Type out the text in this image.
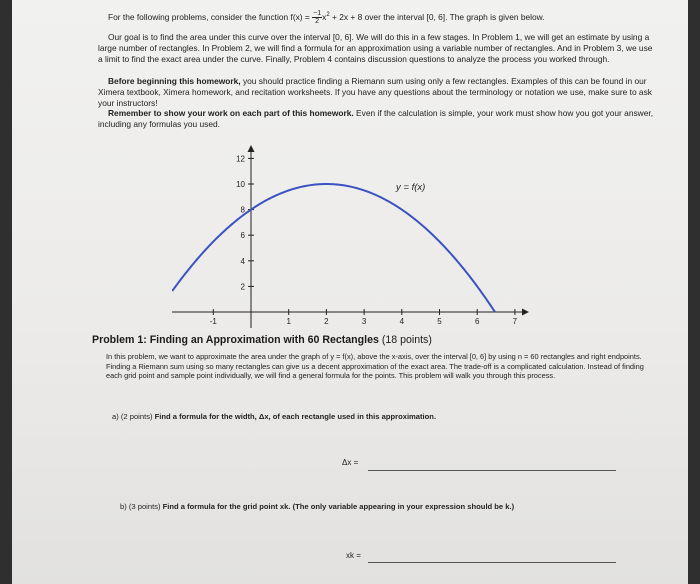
For the following problems, consider the function $f(x) = \frac{-1}{2} x^2 + 2x + 8$ over the interval [0, 6]. The graph is given below.
Our goal is to find the area under this curve over the interval [0, 6]. We will do this in a few stages. In Problem 1, we will get an estimate by using a large number of rectangles. In Problem 2, we will find a formula for an approximation using a variable number of rectangles. And in Problem 3, we use a limit to find the exact area under the curve. Finally, Problem 4 contains discussion questions to analyze the process you worked through.
Before beginning this homework, you should practice finding a Riemann sum using only a few rectangles. Examples of this can be found in our Ximera textbook, Ximera homework, and recitation worksheets. If you have any questions about the terminology or notation we use, make sure to ask your instructors!
Remember to show your work on each part of this homework. Even if the calculation is simple, your work must show how you got your answer, including any formulas you used.
12
10
8
6
4
2
-1	1	2	3	4	5	6	7
y = f(x)
Problem 1: Finding an Approximation with 60 Rectangles (18 points)
In this problem, we want to approximate the area under the graph of y = f(x), above the x-axis, over the interval [0, 6] by using n = 60 rectangles and right endpoints. Finding a Riemann sum using so many rectangles can give us a decent approximation of the exact area. The trade-off is a complicated calculation. Instead of finding each grid point and sample point individually, we will find a general formula for the points. This problem will walk you through this process.
a) (2 points) Find a formula for the width, Δx, of each rectangle used in this approximation.
Δx =
b) (3 points) Find a formula for the grid point xk. (The only variable appearing in your expression should be k.)
xk =
